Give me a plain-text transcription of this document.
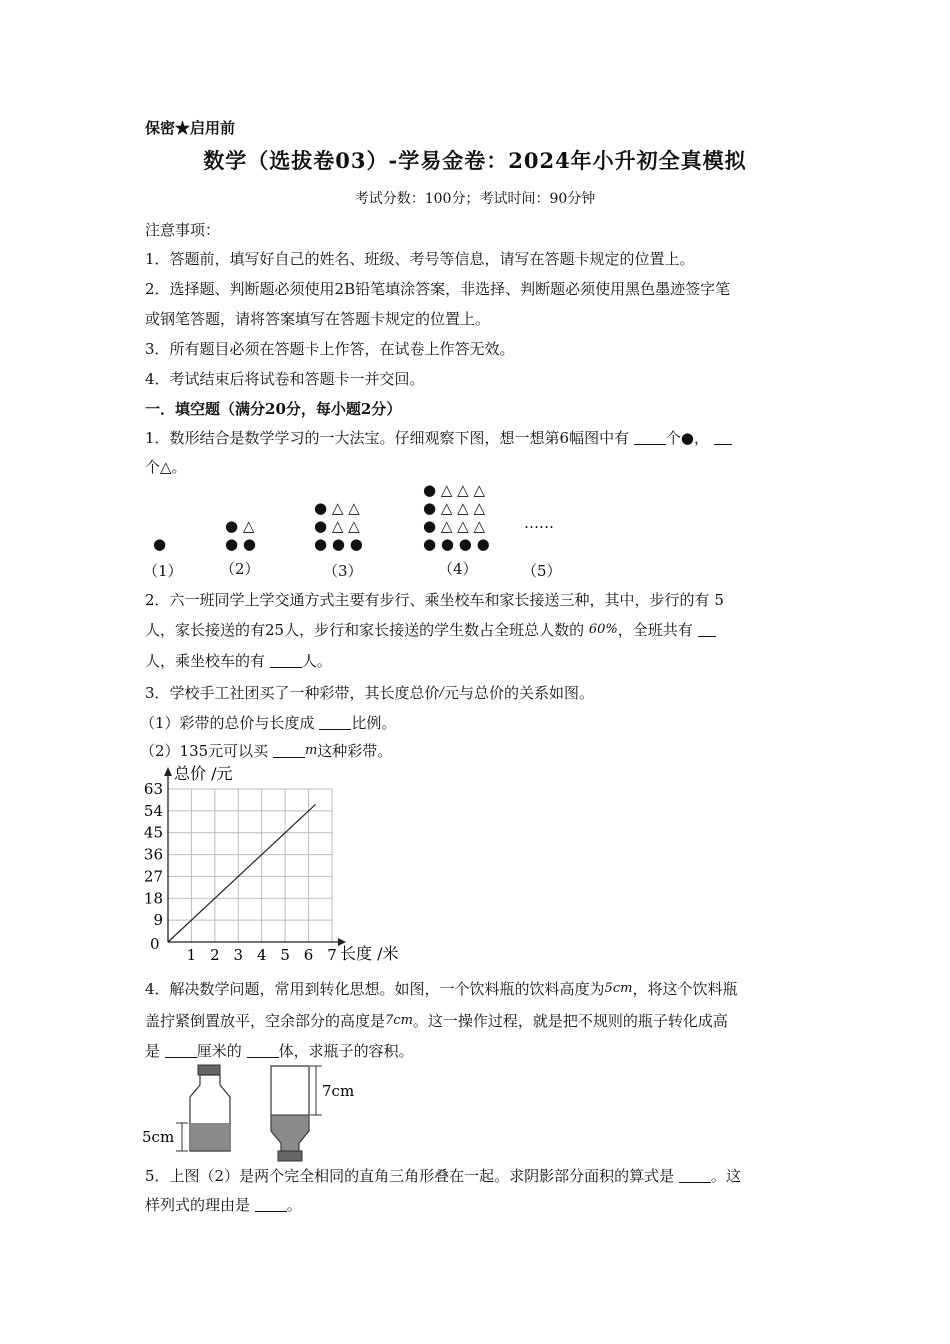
保密★启用前
数学（选拔卷03）-学易金卷：2024年小升初全真模拟
考试分数：100分；考试时间：90分钟
注意事项：
1．答题前，填写好自己的姓名、班级、考号等信息，请写在答题卡规定的位置上。
2．选择题、判断题必须使用2B铅笔填涂答案，非选择、判断题必须使用黑色墨迹签字笔
或钢笔答题，请将答案填写在答题卡规定的位置上。
3．所有题目必须在答题卡上作答，在试卷上作答无效。
4．考试结束后将试卷和答题卡一并交回。
一．填空题（满分20分，每小题2分）
1．数形结合是数学学习的一大法宝。仔细观察下图，想一想第6幅图中有 个●，
个△。
●
● △
● ●
● △ △
● △ △
● ● ●
● △ △ △
● △ △ △
● △ △ △
● ● ● ●
……
（1） （2）	（3）	（4）	（5）
2．六一班同学上学交通方式主要有步行、乘坐校车和家长接送三种，其中，步行的有 5
人，家长接送的有25人，步行和家长接送的学生数占全班总人数的 60%，全班共有
人，乘坐校车的有 人。
3．学校手工社团买了一种彩带，其长度总价/元与总价的关系如图。
（1）彩带的总价与长度成 比例。
（2）135元可以买	m这种彩带。
1 2 3 4 5 6 7
9
18
27
36
45
54
63
总价 /元
长度 /米
0
4．解决数学问题，常用到转化思想。如图，一个饮料瓶的饮料高度为5cm，将这个饮料瓶
盖拧紧倒置放平，空余部分的高度是7cm。这一操作过程，就是把不规则的瓶子转化成高
是 厘米的 体，求瓶子的容积。
5cm
7cm
5．上图（2）是两个完全相同的直角三角形叠在一起。求阴影部分面积的算式是 。这
样列式的理由是 。
